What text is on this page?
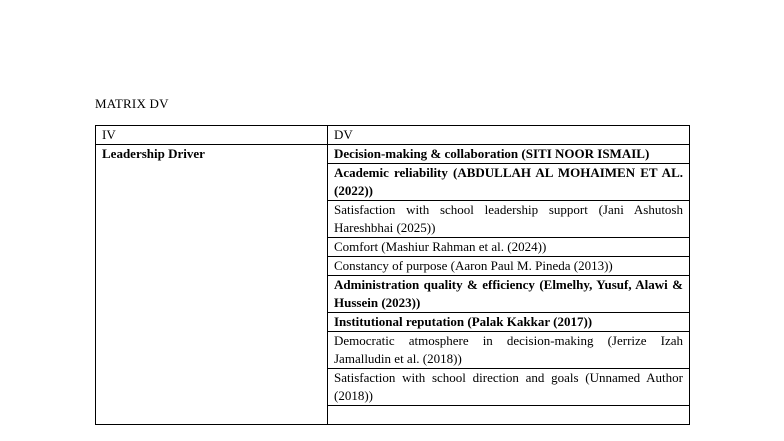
MATRIX DV
IV	DV
Leadership Driver	Decision-making & collaboration (SITI NOOR ISMAIL)
	Academic reliability (ABDULLAH AL MOHAIMEN ET AL. (2022))
	Satisfaction with school leadership support (Jani Ashutosh Hareshbhai (2025))
	Comfort (Mashiur Rahman et al. (2024))
	Constancy of purpose (Aaron Paul M. Pineda (2013))
	Administration quality & efficiency (Elmelhy, Yusuf, Alawi & Hussein (2023))
	Institutional reputation (Palak Kakkar (2017))
	Democratic atmosphere in decision-making (Jerrize Izah Jamalludin et al. (2018))
	Satisfaction with school direction and goals (Unnamed Author (2018))
